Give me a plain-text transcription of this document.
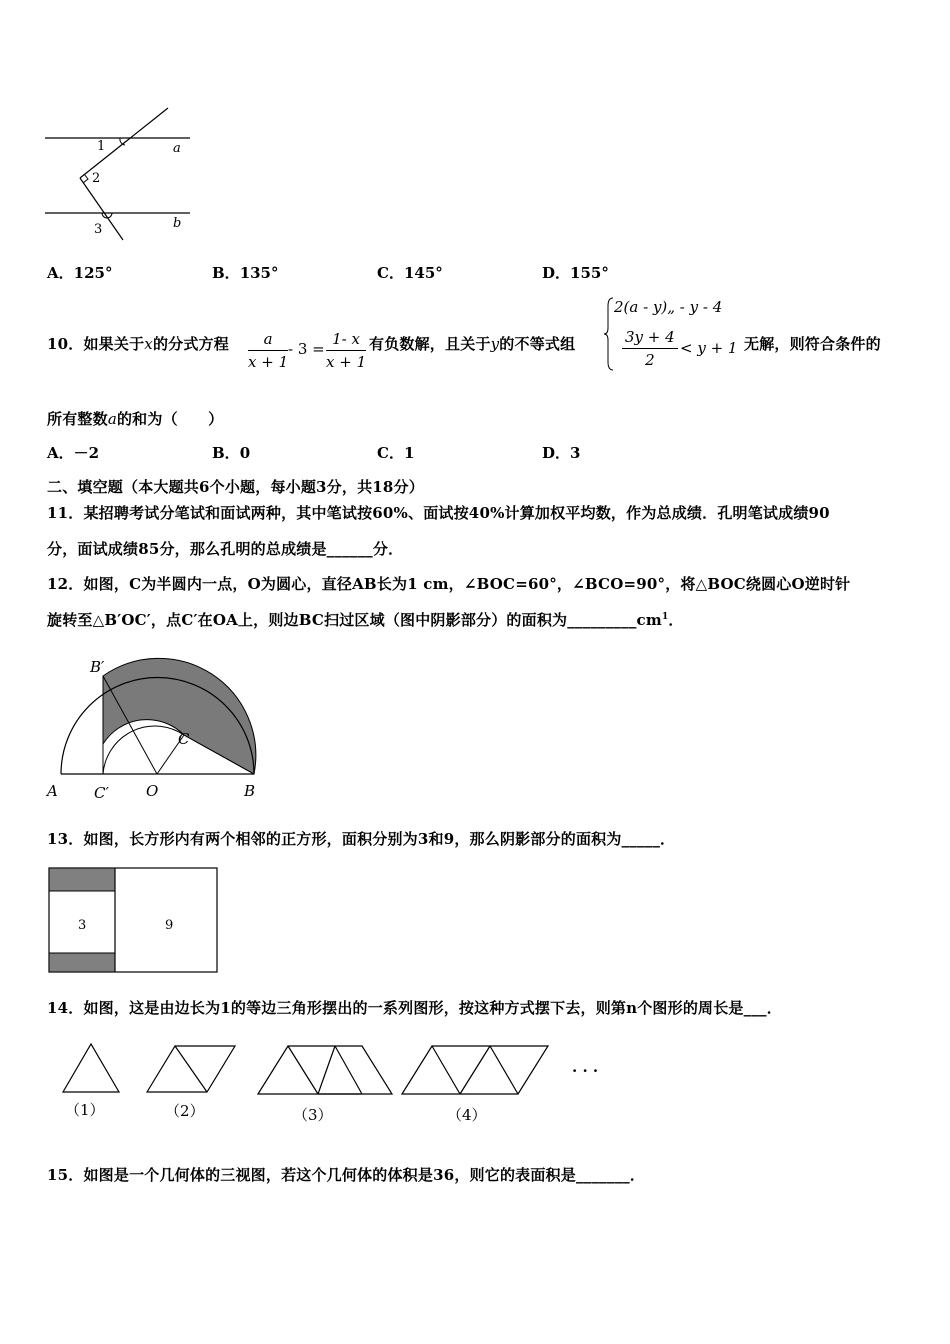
1
2
3
a
b
A．125°	B．135°	C．145°	D．155°
10．如果关于x的分式方程 $\frac{a}{x + 1} - 3 = \frac{1- x}{x + 1}$ 有负数解，且关于y的不等式组
2(a - y)„ - y - 4
$\frac{3y + 4}{2} < y + 1$ 无解，则符合条件的
所有整数a的和为（　　）
A．－2	B．0	C．1	D．3
二、填空题（本大题共6个小题，每小题3分，共18分）
11．某招聘考试分笔试和面试两种，其中笔试按60%、面试按40%计算加权平均数，作为总成绩．孔明笔试成绩90
分，面试成绩85分，那么孔明的总成绩是______分．
12．如图，C为半圆内一点，O为圆心，直径AB长为1 cm，∠BOC=60°，∠BCO=90°，将△BOC绕圆心O逆时针
旋转至△B′OC′，点C′在OA上，则边BC扫过区域（图中阴影部分）的面积为$\_\_\_\_\_\_\_\_\_cm^1$．
B′
C
A C′ O	B
13．如图，长方形内有两个相邻的正方形，面积分别为3和9，那么阴影部分的面积为_____．
3	9
14．如图，这是由边长为1的等边三角形摆出的一系列图形，按这种方式摆下去，则第n个图形的周长是___．
（1）	（2）	（3）	（4）
· · ·
15．如图是一个几何体的三视图，若这个几何体的体积是36，则它的表面积是_______．
